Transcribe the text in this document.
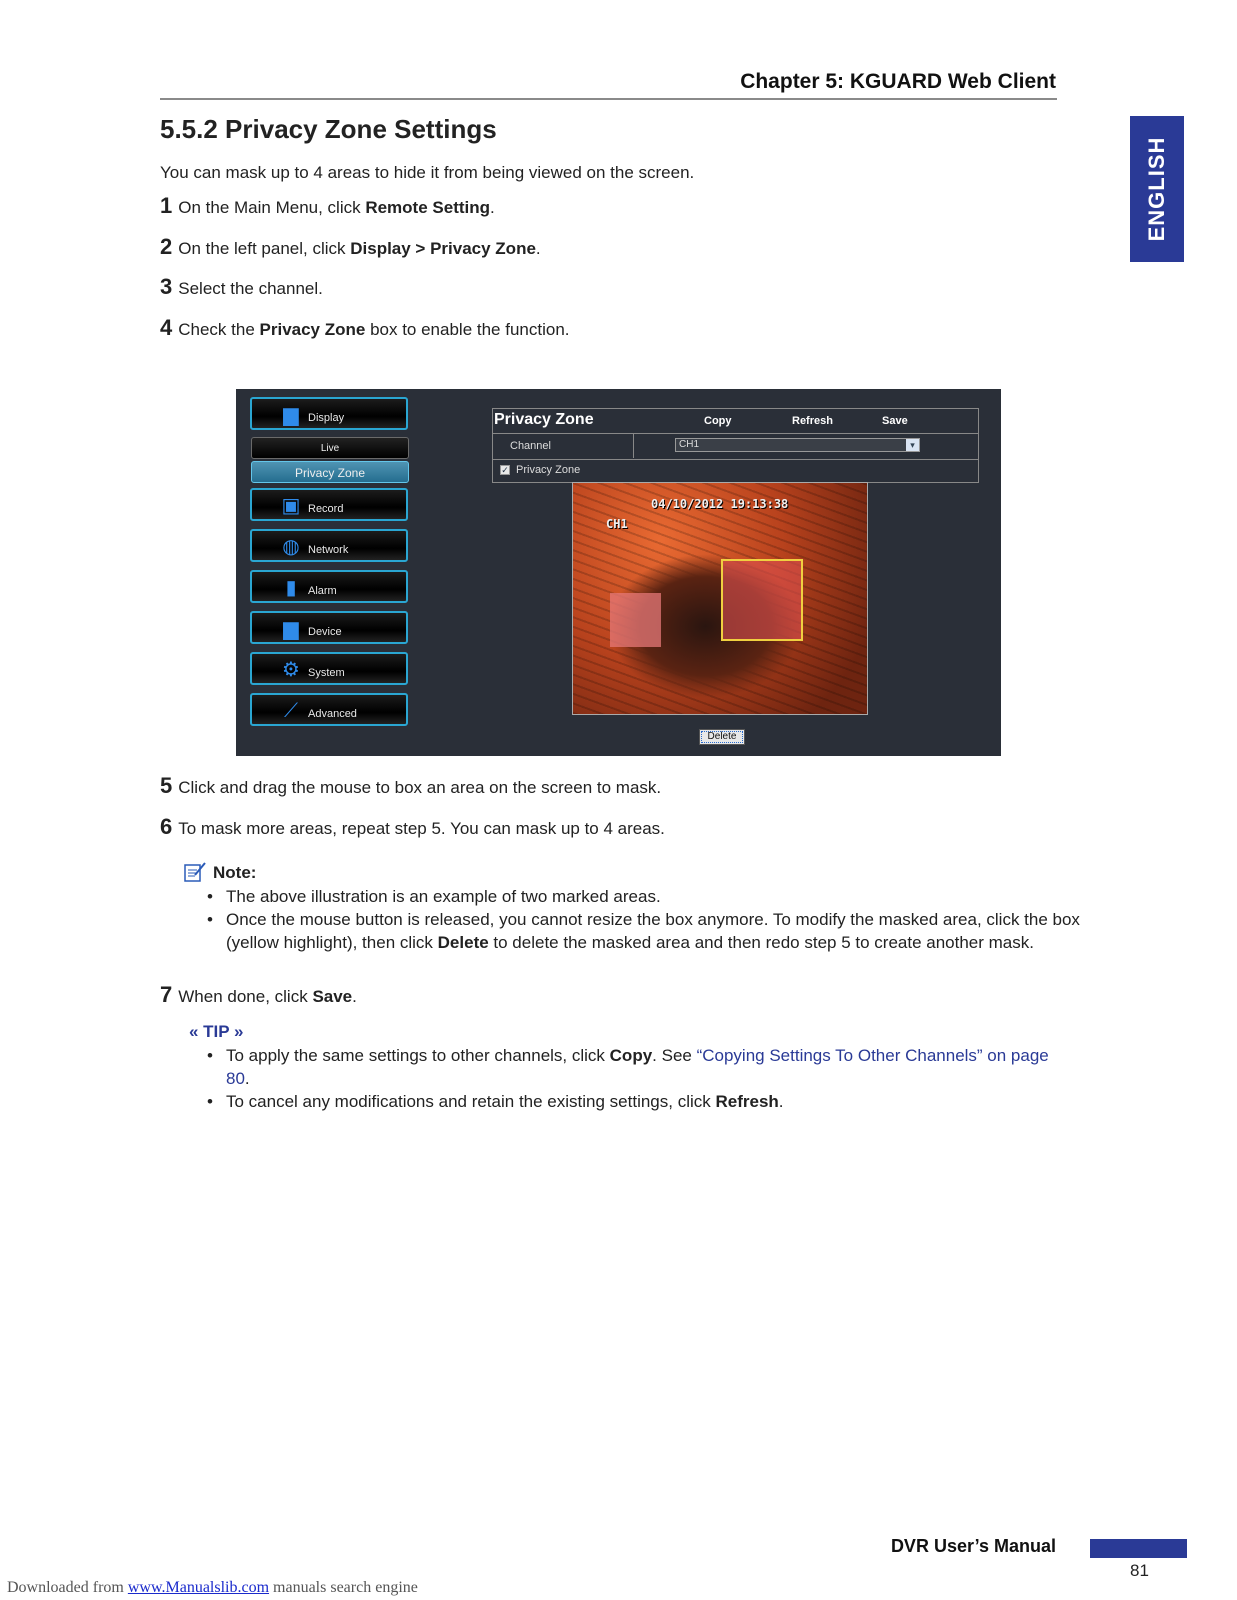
Chapter 5: KGUARD Web Client
ENGLISH
5.5.2 Privacy Zone Settings
You can mask up to 4 areas to hide it from being viewed on the screen.
1 On the Main Menu, click Remote Setting.
2 On the left panel, click Display > Privacy Zone.
3 Select the channel.
4 Check the Privacy Zone box to enable the function.
▆ Display
Live
Privacy Zone
▣ Record
◍ Network
▮	Alarm
▆ Device
⚙ System
⟋ Advanced
Privacy Zone	Copy	Refresh	Save
Channel	CH1	▾
✓ Privacy Zone
04/10/2012 19:13:38
CH1
Delete
5 Click and drag the mouse to box an area on the screen to mask.
6 To mask more areas, repeat step 5. You can mask up to 4 areas.
Note:
• The above illustration is an example of two marked areas.
• Once the mouse button is released, you cannot resize the box anymore. To modify the masked area, click the box (yellow highlight), then click Delete to delete the masked area and then redo step 5 to create another mask.
7 When done, click Save.
« TIP »
• To apply the same settings to other channels, click Copy. See “Copying Settings To Other Channels” on page 80.
• To cancel any modifications and retain the existing settings, click Refresh.
DVR User’s Manual
81
Downloaded from www.Manualslib.com manuals search engine
